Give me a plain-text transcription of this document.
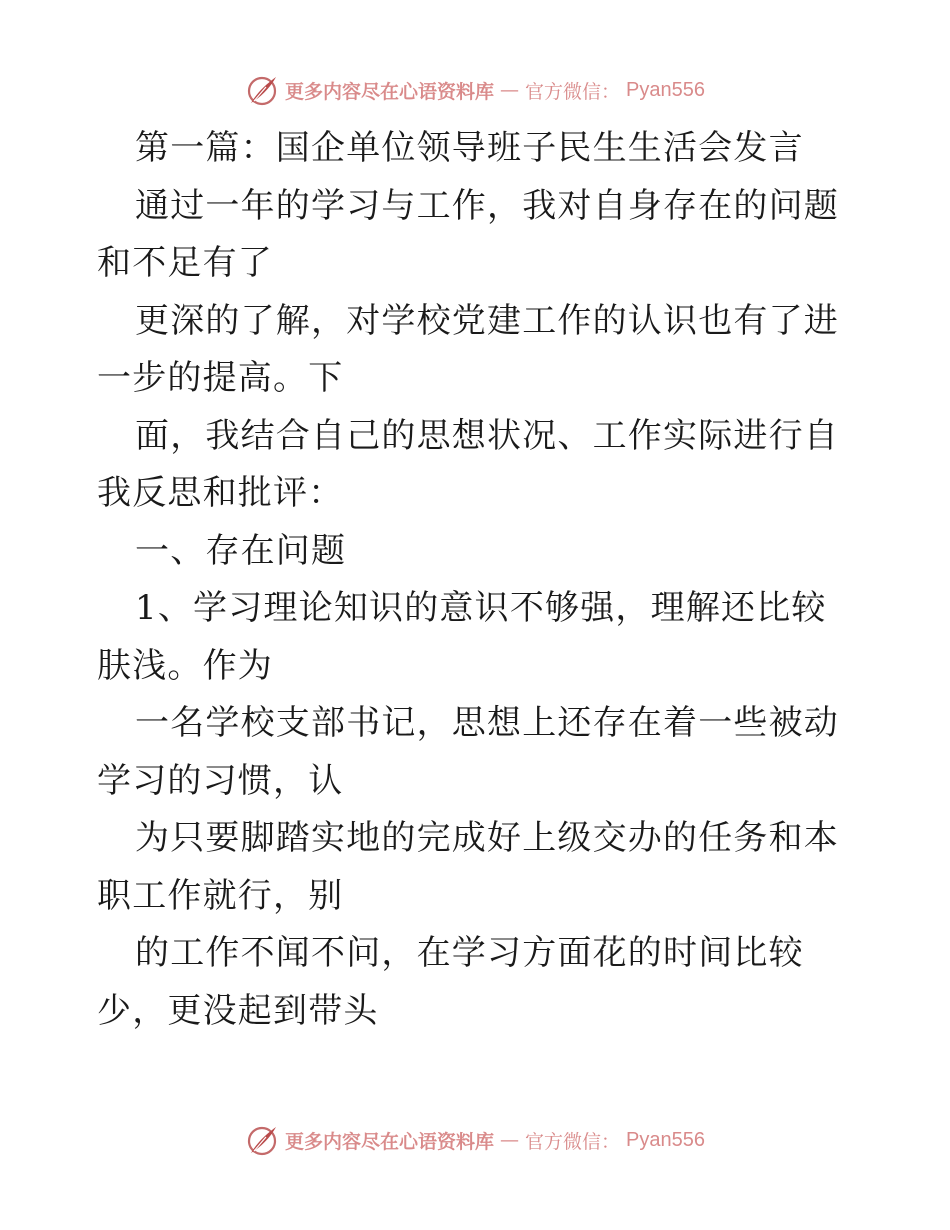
更多内容尽在心语资料库 — 官方微信： Pyan556

第一篇：国企单位领导班子民生生活会发言

通过一年的学习与工作，我对自身存在的问题和不足有了

更深的了解，对学校党建工作的认识也有了进一步的提高。下

面，我结合自己的思想状况、工作实际进行自我反思和批评：

一、存在问题

1、学习理论知识的意识不够强，理解还比较肤浅。作为

一名学校支部书记，思想上还存在着一些被动学习的习惯，认

为只要脚踏实地的完成好上级交办的任务和本职工作就行，别

的工作不闻不问，在学习方面花的时间比较少，更没起到带头

更多内容尽在心语资料库 — 官方微信： Pyan556
